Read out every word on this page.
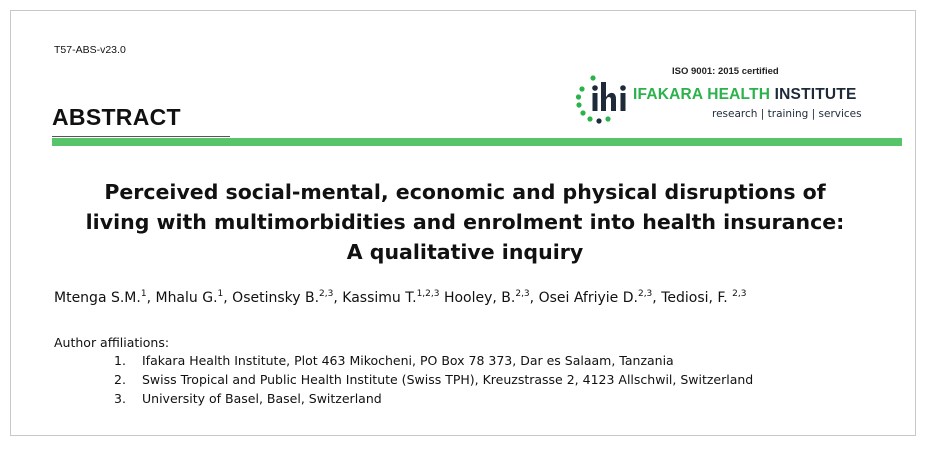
T57-ABS-v23.0
ISO 9001: 2015 certified
IFAKARA HEALTH INSTITUTE
research | training | services
ABSTRACT
Perceived social-mental, economic and physical disruptions of
living with multimorbidities and enrolment into health insurance:
A qualitative inquiry
Mtenga S.M.$^1$, Mhalu G.$^1$, Osetinsky B.$^{2,3}$, Kassimu T.$^{1,2,3}$ Hooley, B.$^{2,3}$, Osei Afriyie D.$^{2,3}$, Tediosi, F. $^{2,3}$
Author affiliations:
1. Ifakara Health Institute, Plot 463 Mikocheni, PO Box 78 373, Dar es Salaam, Tanzania
2. Swiss Tropical and Public Health Institute (Swiss TPH), Kreuzstrasse 2, 4123 Allschwil, Switzerland
3. University of Basel, Basel, Switzerland
